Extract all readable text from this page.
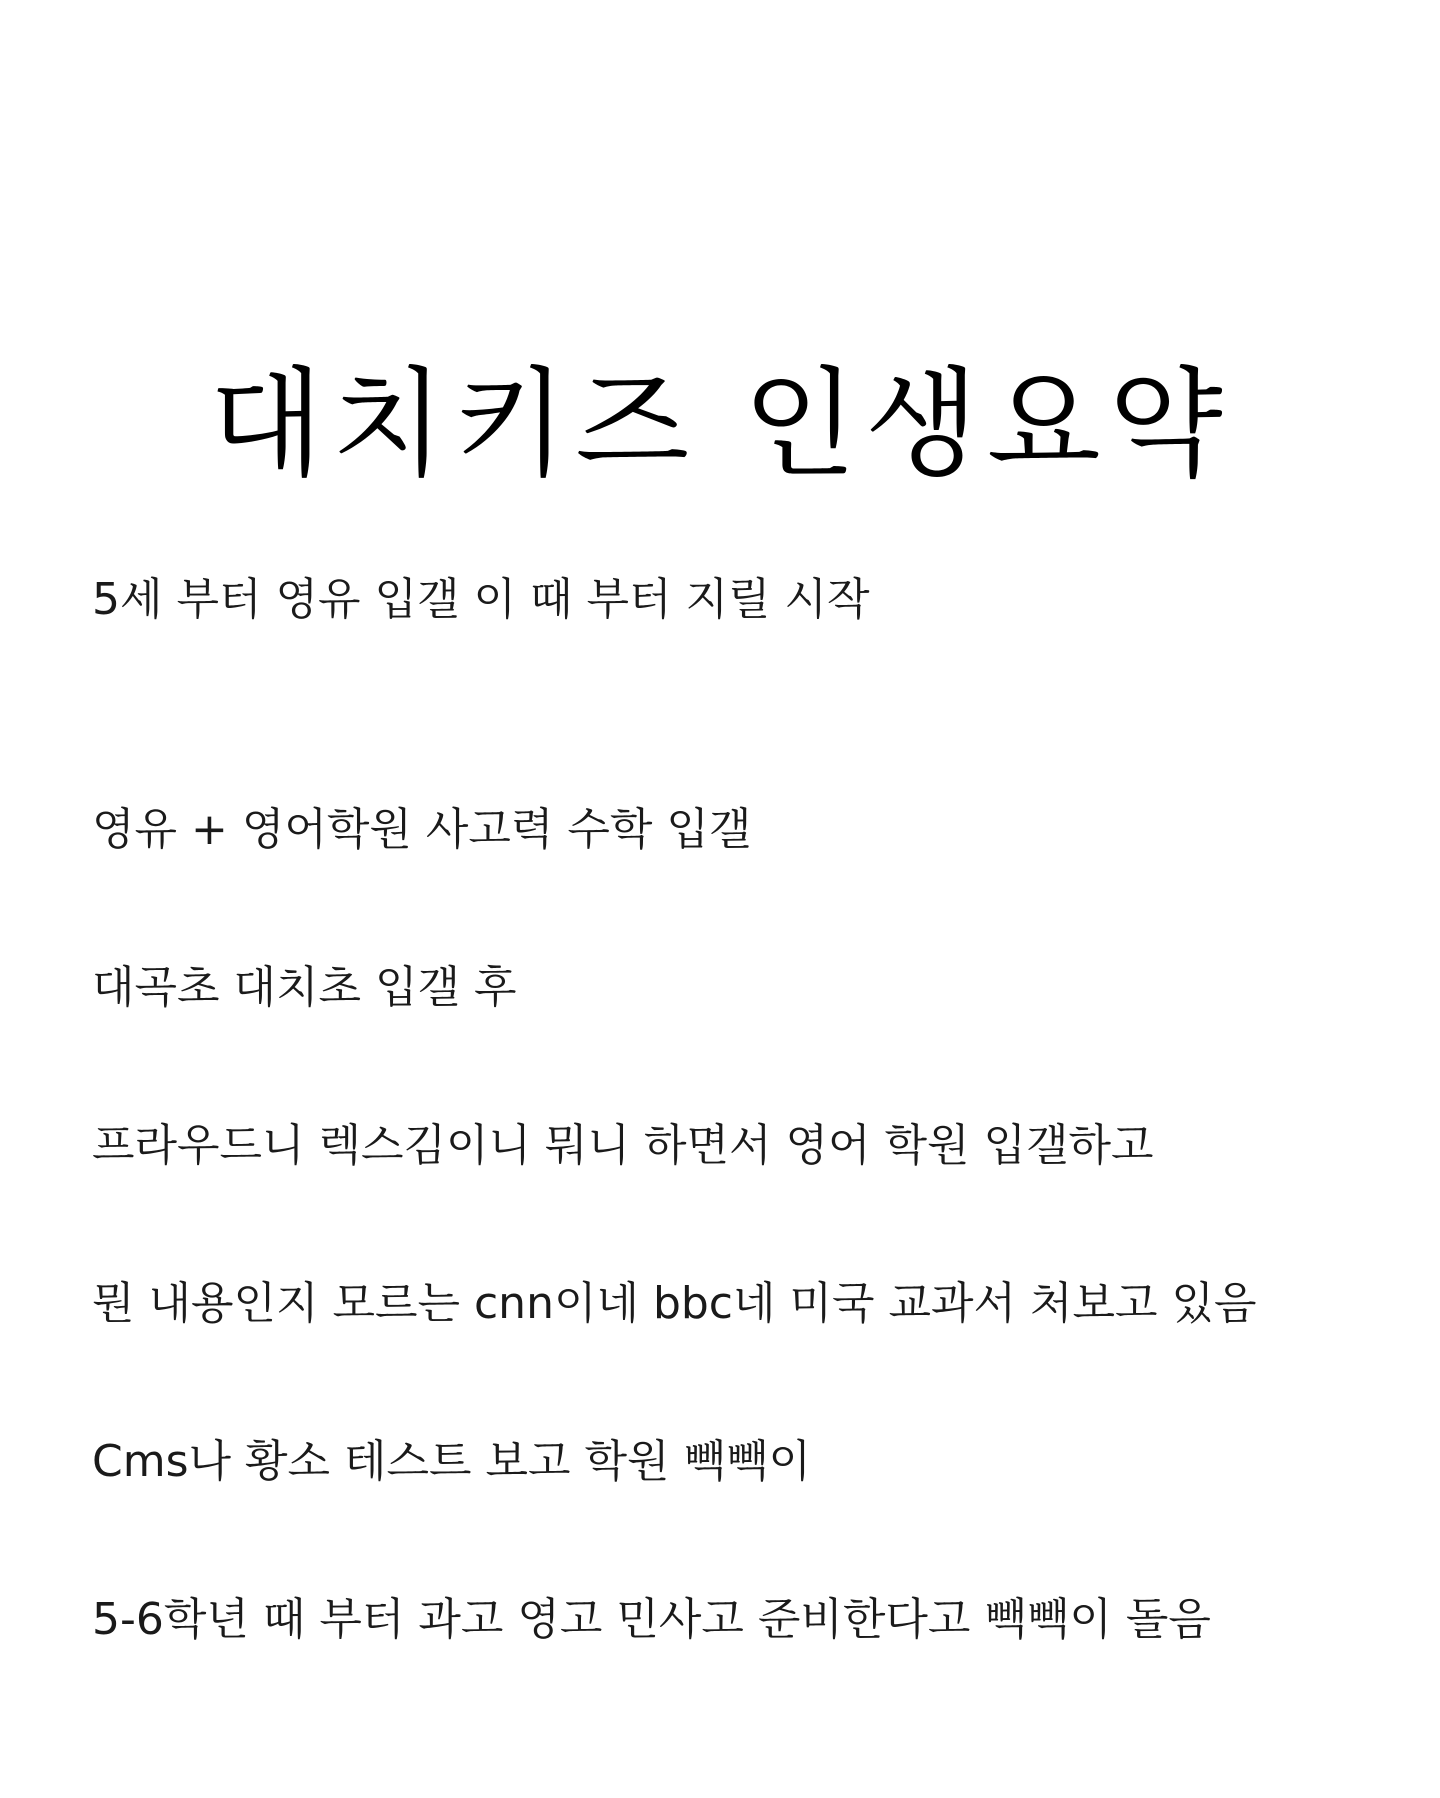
대치키즈 인생요약
5세 부터 영유 입갤 이 때 부터 지릴 시작
영유 + 영어학원 사고력 수학 입갤
대곡초 대치초 입갤 후
프라우드니 렉스김이니 뭐니 하면서 영어 학원 입갤하고
뭔 내용인지 모르는 cnn이네 bbc네 미국 교과서 처보고 있음
Cms나 황소 테스트 보고 학원 빽빽이
5-6학년 때 부터 과고 영고 민사고 준비한다고 빽빽이 돌음
